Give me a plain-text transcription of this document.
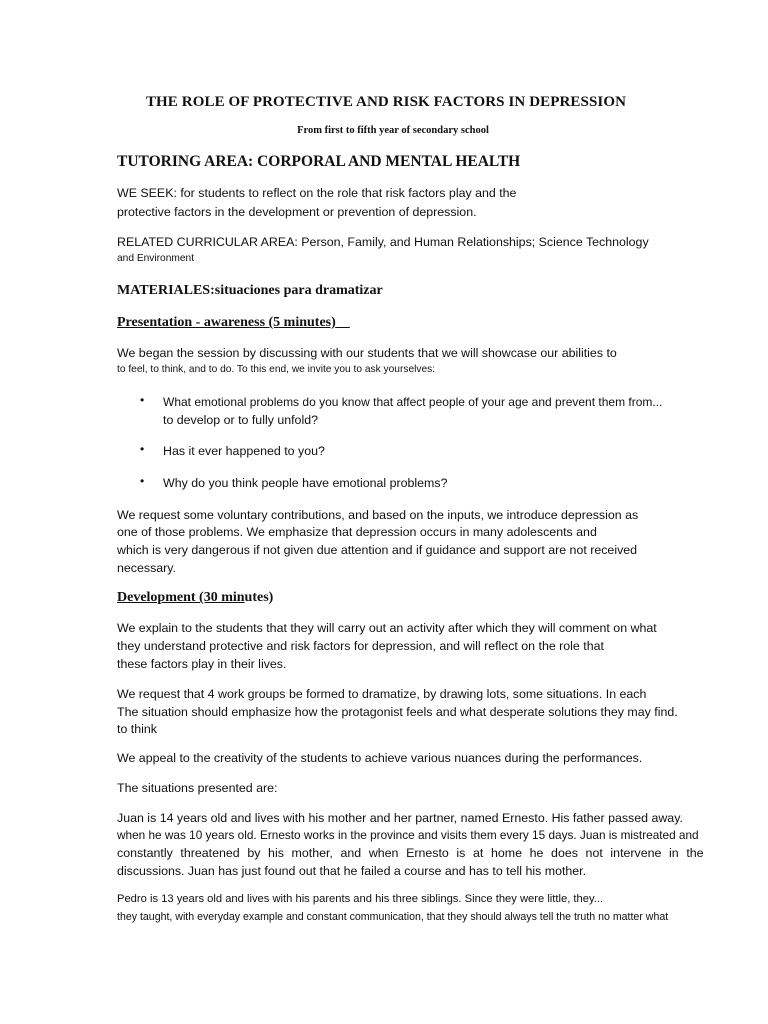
THE ROLE OF PROTECTIVE AND RISK FACTORS IN DEPRESSION
From first to fifth year of secondary school
TUTORING AREA: CORPORAL AND MENTAL HEALTH
WE SEEK: for students to reflect on the role that risk factors play and the
protective factors in the development or prevention of depression.
RELATED CURRICULAR AREA: Person, Family, and Human Relationships; Science Technology
and Environment
MATERIALES:situaciones para dramatizar
Presentation - awareness (5 minutes)
We began the session by discussing with our students that we will showcase our abilities to
to feel, to think, and to do. To this end, we invite you to ask yourselves:
• What emotional problems do you know that affect people of your age and prevent them from...
to develop or to fully unfold?
• Has it ever happened to you?
• Why do you think people have emotional problems?
We request some voluntary contributions, and based on the inputs, we introduce depression as
one of those problems. We emphasize that depression occurs in many adolescents and
which is very dangerous if not given due attention and if guidance and support are not received
necessary.
Development (30 minutes)
We explain to the students that they will carry out an activity after which they will comment on what
they understand protective and risk factors for depression, and will reflect on the role that
these factors play in their lives.
We request that 4 work groups be formed to dramatize, by drawing lots, some situations. In each
The situation should emphasize how the protagonist feels and what desperate solutions they may find.
to think
We appeal to the creativity of the students to achieve various nuances during the performances.
The situations presented are:
Juan is 14 years old and lives with his mother and her partner, named Ernesto. His father passed away.
when he was 10 years old. Ernesto works in the province and visits them every 15 days. Juan is mistreated and
constantly threatened by his mother, and when Ernesto is at home he does not intervene in the
discussions. Juan has just found out that he failed a course and has to tell his mother.
Pedro is 13 years old and lives with his parents and his three siblings. Since they were little, they...
they taught, with everyday example and constant communication, that they should always tell the truth no matter what
